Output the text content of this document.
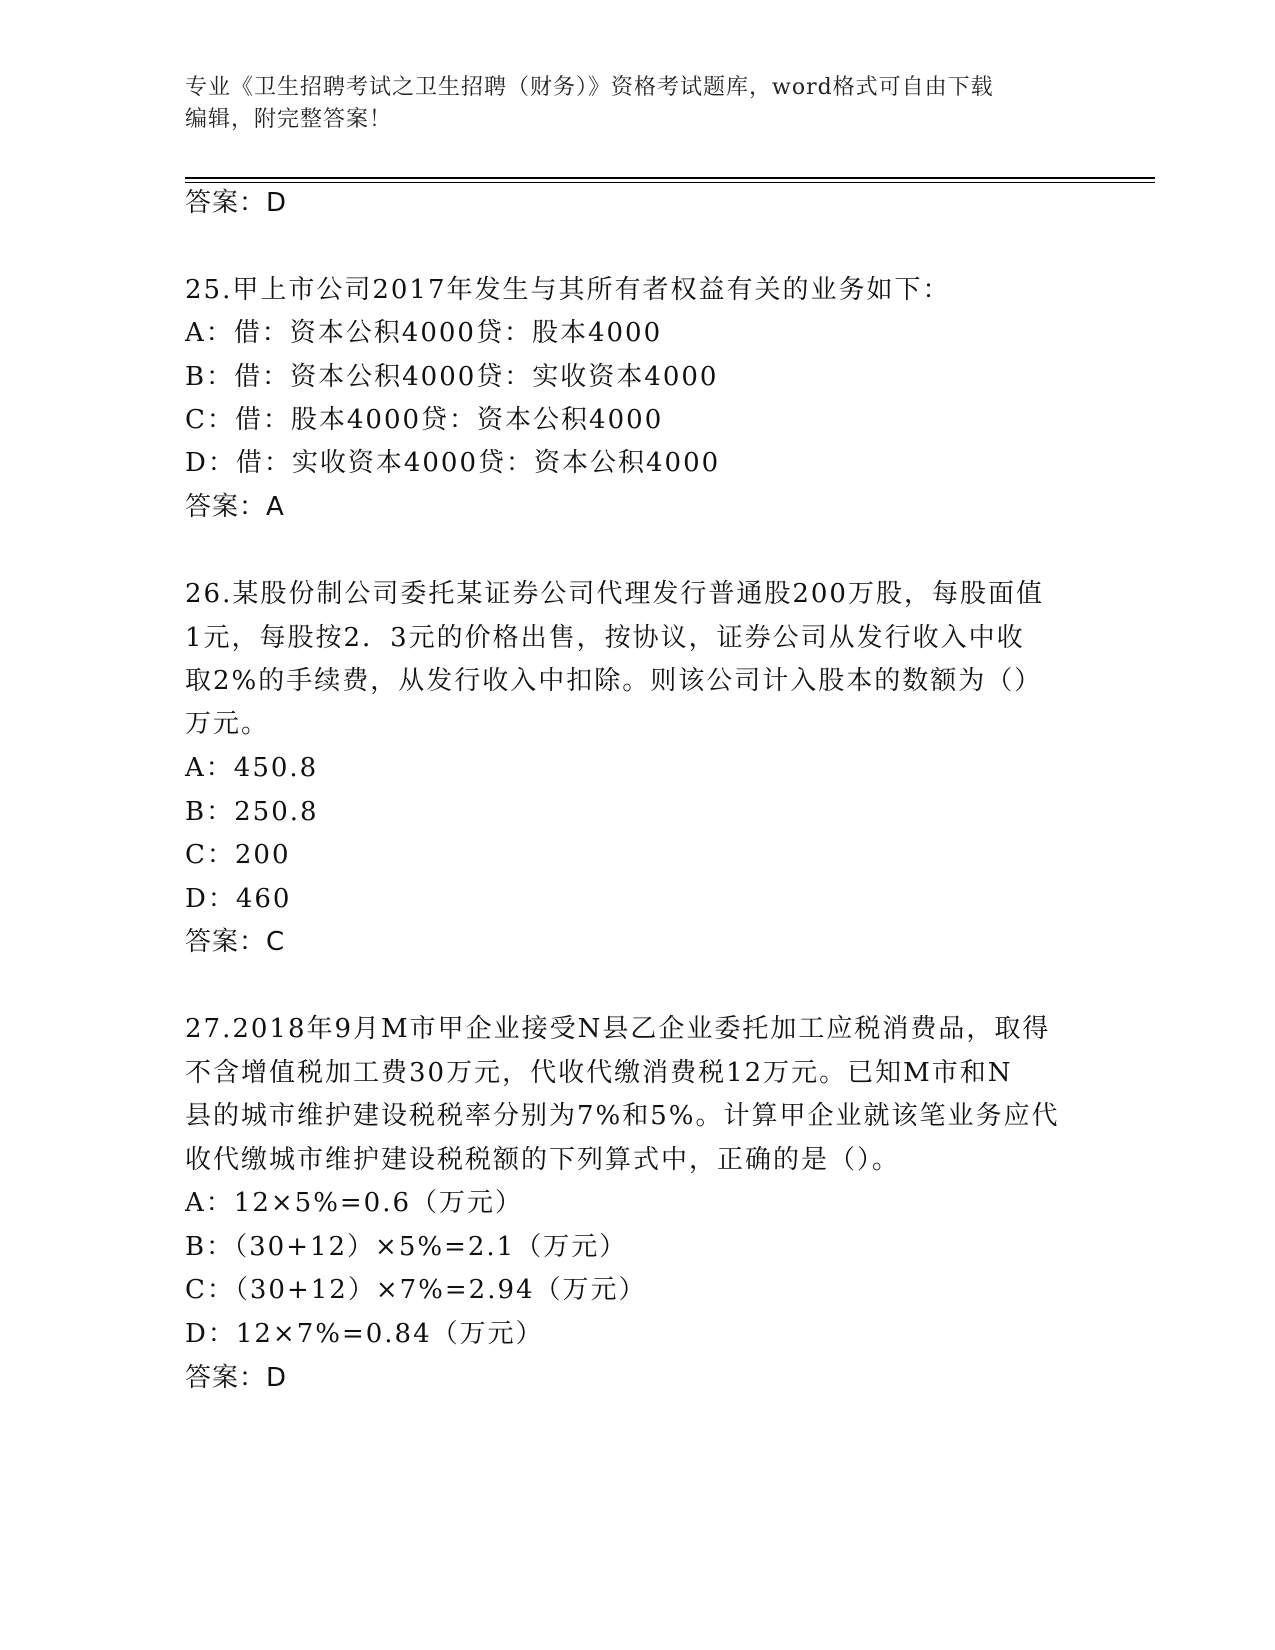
专业《卫生招聘考试之卫生招聘（财务）》资格考试题库，word格式可自由下载
编辑，附完整答案！
答案：D
25.甲上市公司2017年发生与其所有者权益有关的业务如下：
A：借：资本公积4000贷：股本4000
B：借：资本公积4000贷：实收资本4000
C：借：股本4000贷：资本公积4000
D：借：实收资本4000贷：资本公积4000
答案：A
26.某股份制公司委托某证券公司代理发行普通股200万股，每股面值
1元，每股按2．3元的价格出售，按协议，证券公司从发行收入中收
取2%的手续费，从发行收入中扣除。则该公司计入股本的数额为（）
万元。
A：450.8
B：250.8
C：200
D：460
答案：C
27.2018年9月M市甲企业接受N县乙企业委托加工应税消费品，取得
不含增值税加工费30万元，代收代缴消费税12万元。已知M市和N
县的城市维护建设税税率分别为7%和5%。计算甲企业就该笔业务应代
收代缴城市维护建设税税额的下列算式中，正确的是（）。
A：12×5%=0.6（万元）
B：（30+12）×5%=2.1（万元）
C：（30+12）×7%=2.94（万元）
D：12×7%=0.84（万元）
答案：D
